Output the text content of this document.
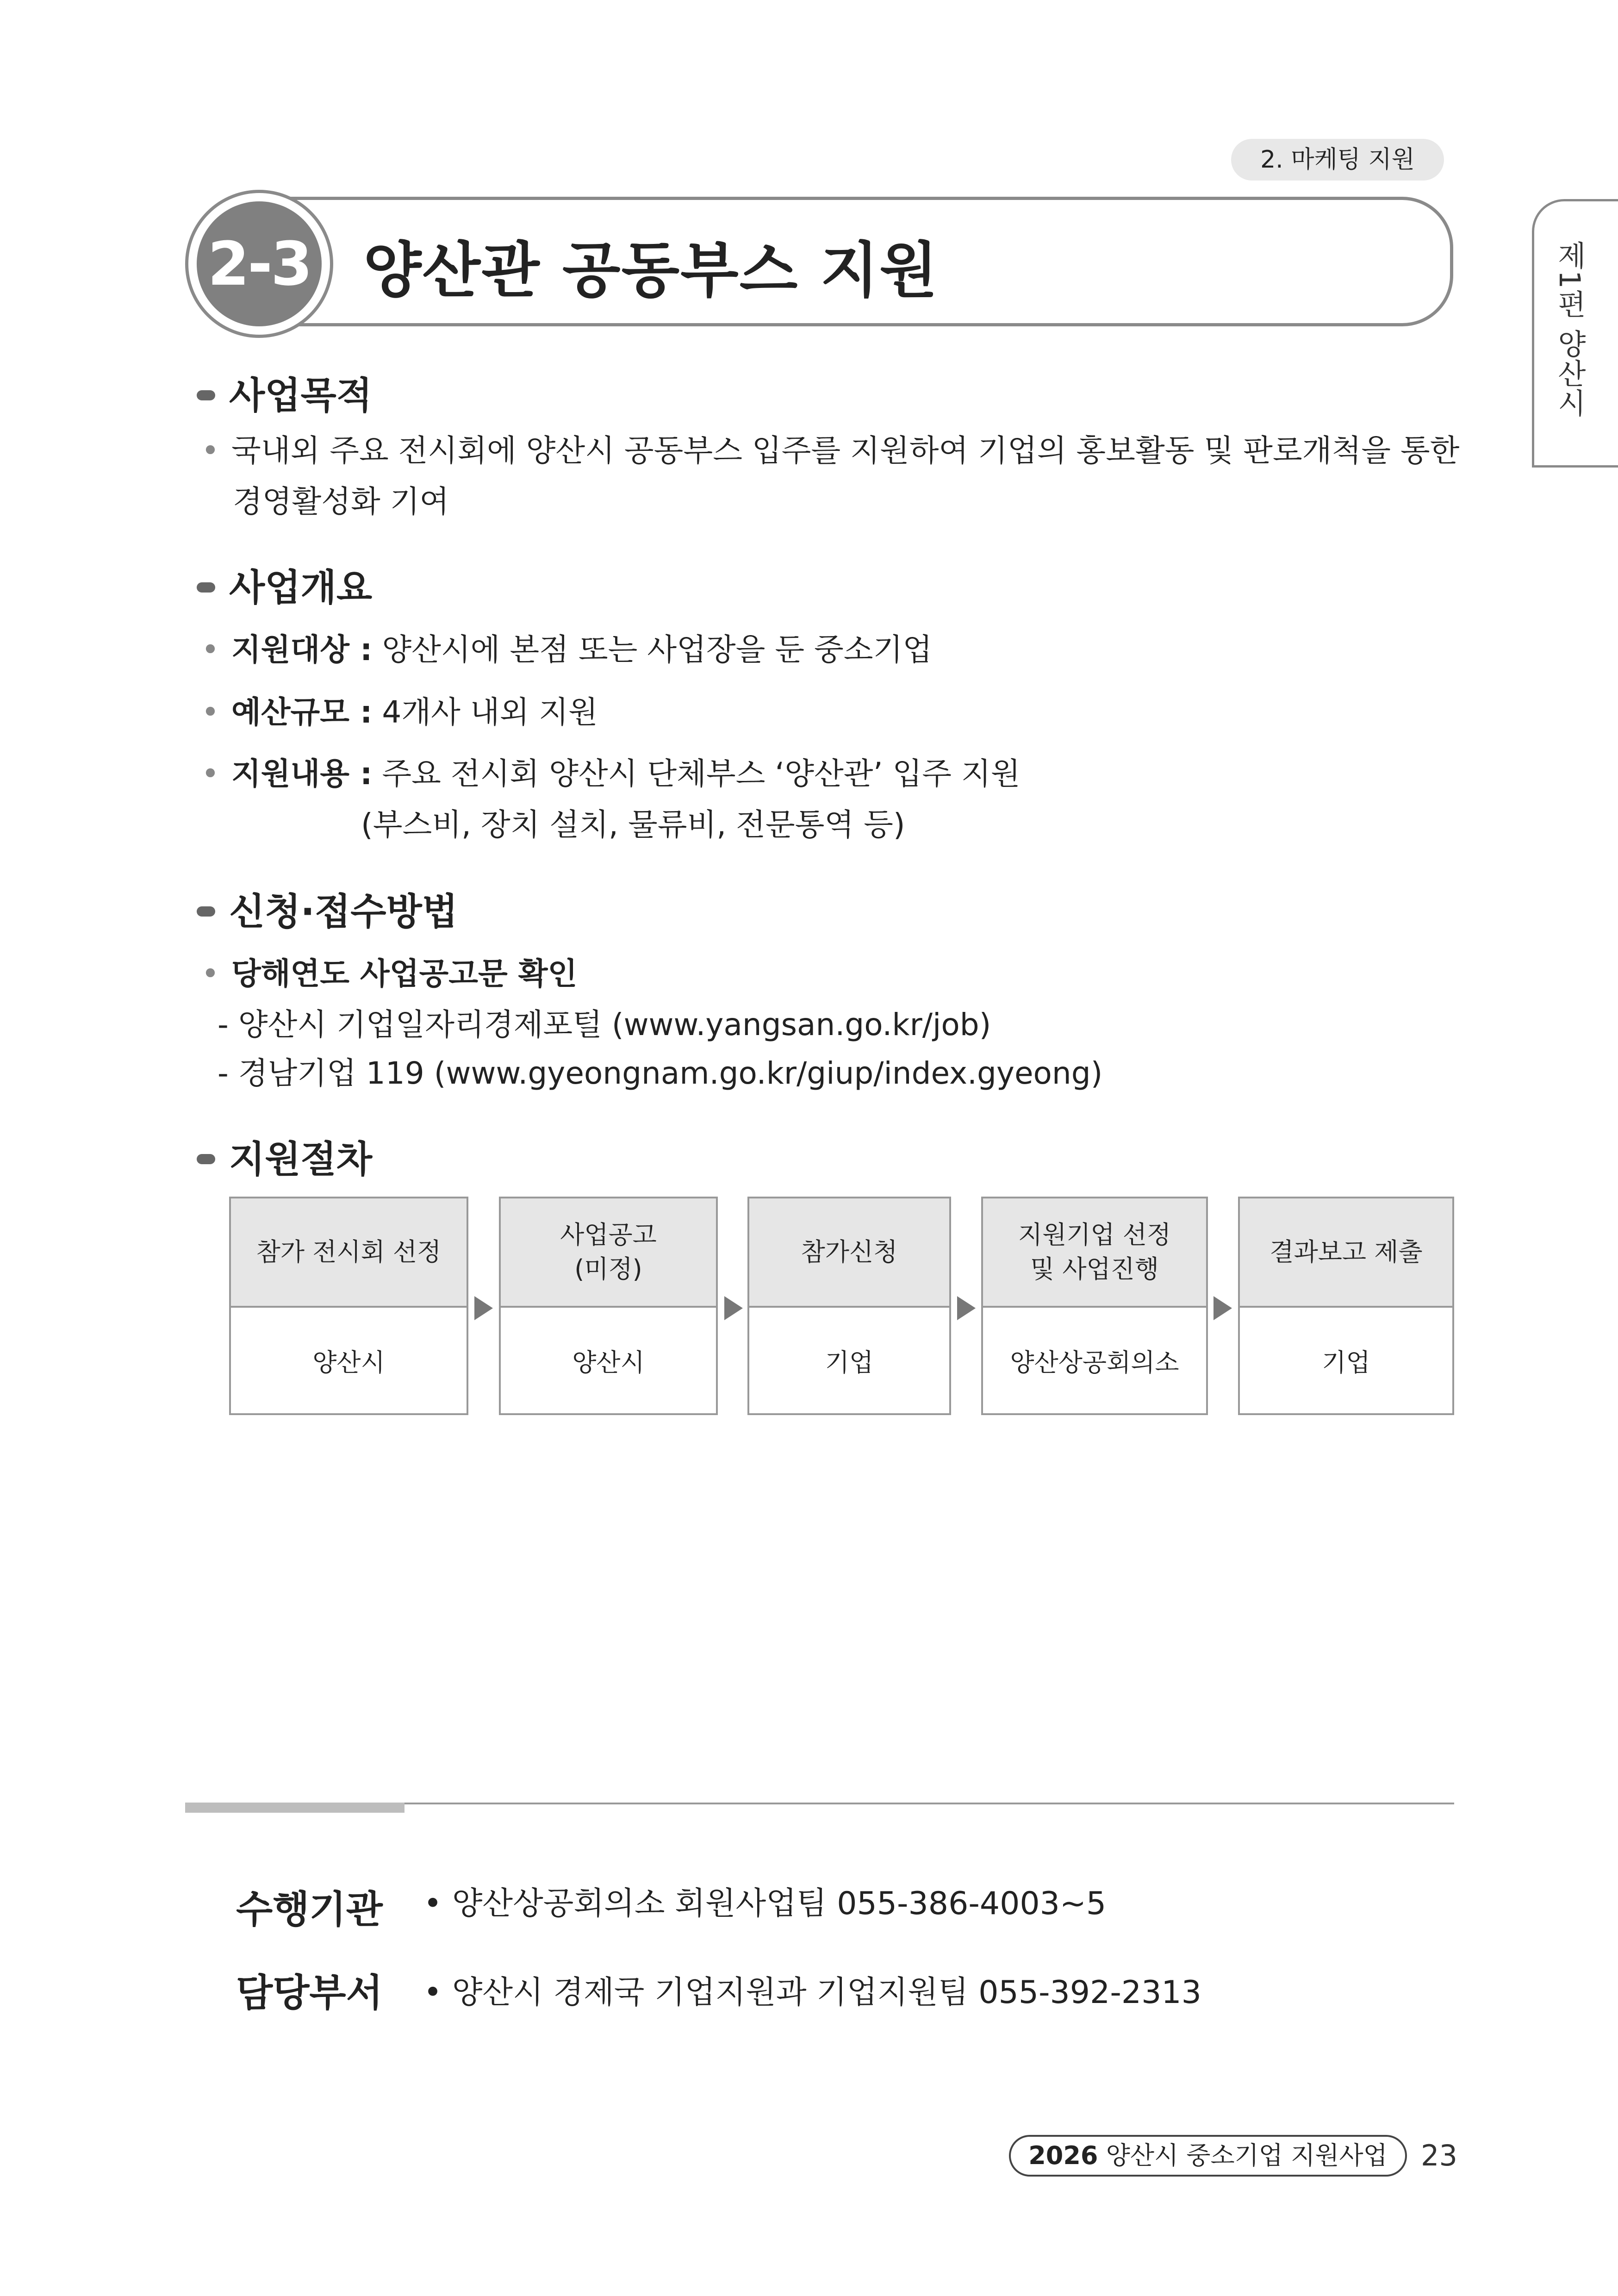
2. 마케팅 지원
제1편 양산시
2-3 양산관 공동부스 지원
사업목적
• 국내외 주요 전시회에 양산시 공동부스 입주를 지원하여 기업의 홍보활동 및 판로개척을 통한
경영활성화 기여
사업개요
• 지원대상 : 양산시에 본점 또는 사업장을 둔 중소기업
• 예산규모 : 4개사 내외 지원
• 지원내용 : 주요 전시회 양산시 단체부스 ‘양산관’ 입주 지원
(부스비, 장치 설치, 물류비, 전문통역 등)
신청·접수방법
• 당해연도 사업공고문 확인
- 양산시 기업일자리경제포털 (www.yangsan.go.kr/job)
- 경남기업 119 (www.gyeongnam.go.kr/giup/index.gyeong)
지원절차
참가 전시회 선정
양산시
사업공고
(미정)
양산시
참가신청
기업
지원기업 선정
및 사업진행
양산상공회의소
결과보고 제출
기업
수행기관 • 양산상공회의소 회원사업팀 055-386-4003~5
담당부서 • 양산시 경제국 기업지원과 기업지원팀 055-392-2313
2026 양산시 중소기업 지원사업	23
